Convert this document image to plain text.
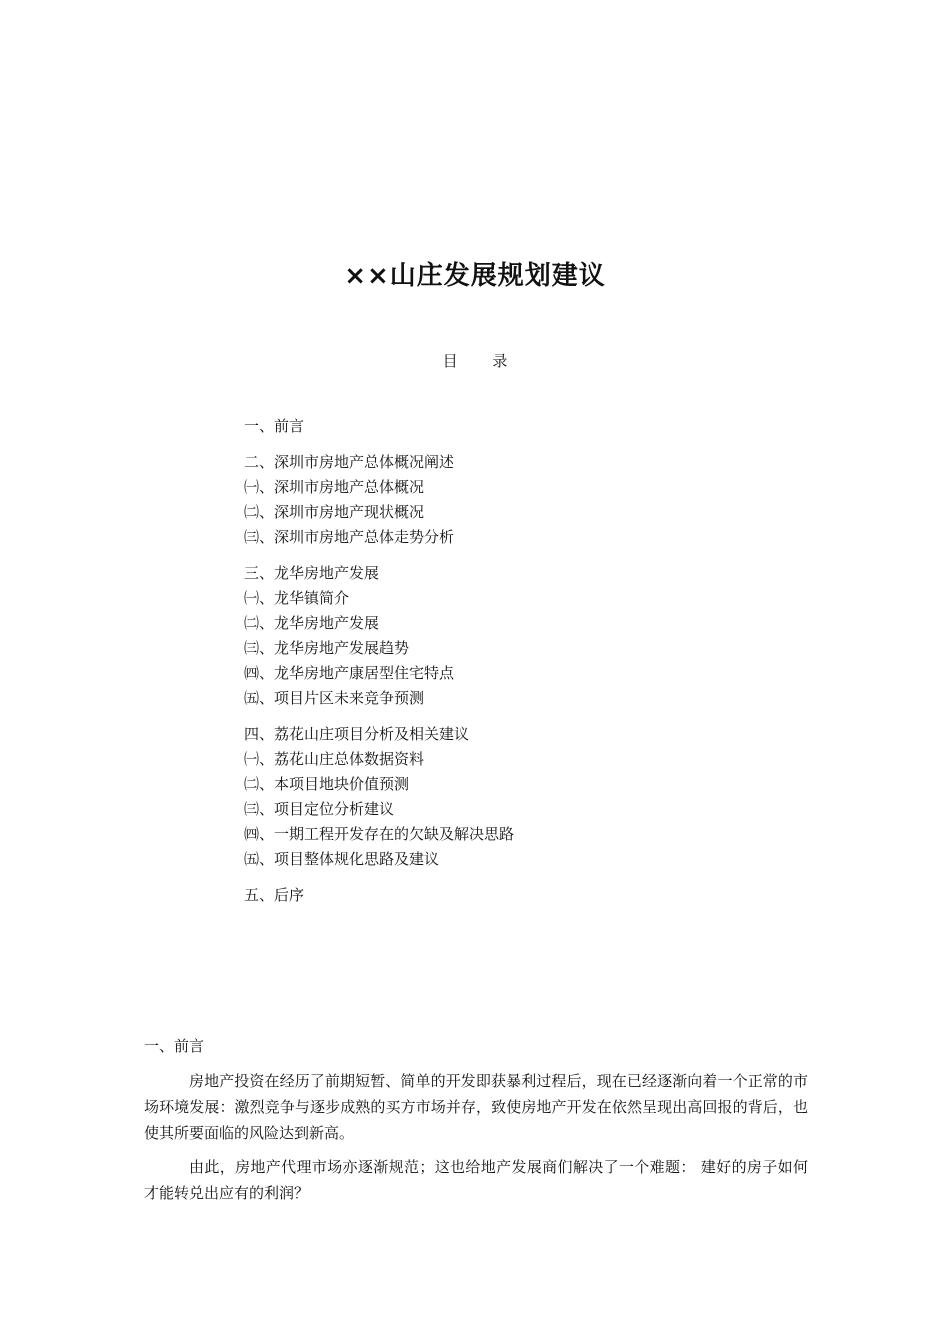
××山庄发展规划建议
目 录
一、前言
二、深圳市房地产总体概况阐述
㈠、深圳市房地产总体概况
㈡、深圳市房地产现状概况
㈢、深圳市房地产总体走势分析
三、龙华房地产发展
㈠、龙华镇简介
㈡、龙华房地产发展
㈢、龙华房地产发展趋势
㈣、龙华房地产康居型住宅特点
㈤、项目片区未来竞争预测
四、荔花山庄项目分析及相关建议
㈠、荔花山庄总体数据资料
㈡、本项目地块价值预测
㈢、项目定位分析建议
㈣、一期工程开发存在的欠缺及解决思路
㈤、项目整体规化思路及建议
五、后序
一、前言

房地产投资在经历了前期短暂、简单的开发即获暴利过程后，现在已经逐渐向着一个正常的市场环境发展：激烈竞争与逐步成熟的买方市场并存，致使房地产开发在依然呈现出高回报的背后，也使其所要面临的风险达到新高。

由此，房地产代理市场亦逐渐规范；这也给地产发展商们解决了一个难题： 建好的房子如何才能转兑出应有的利润？
